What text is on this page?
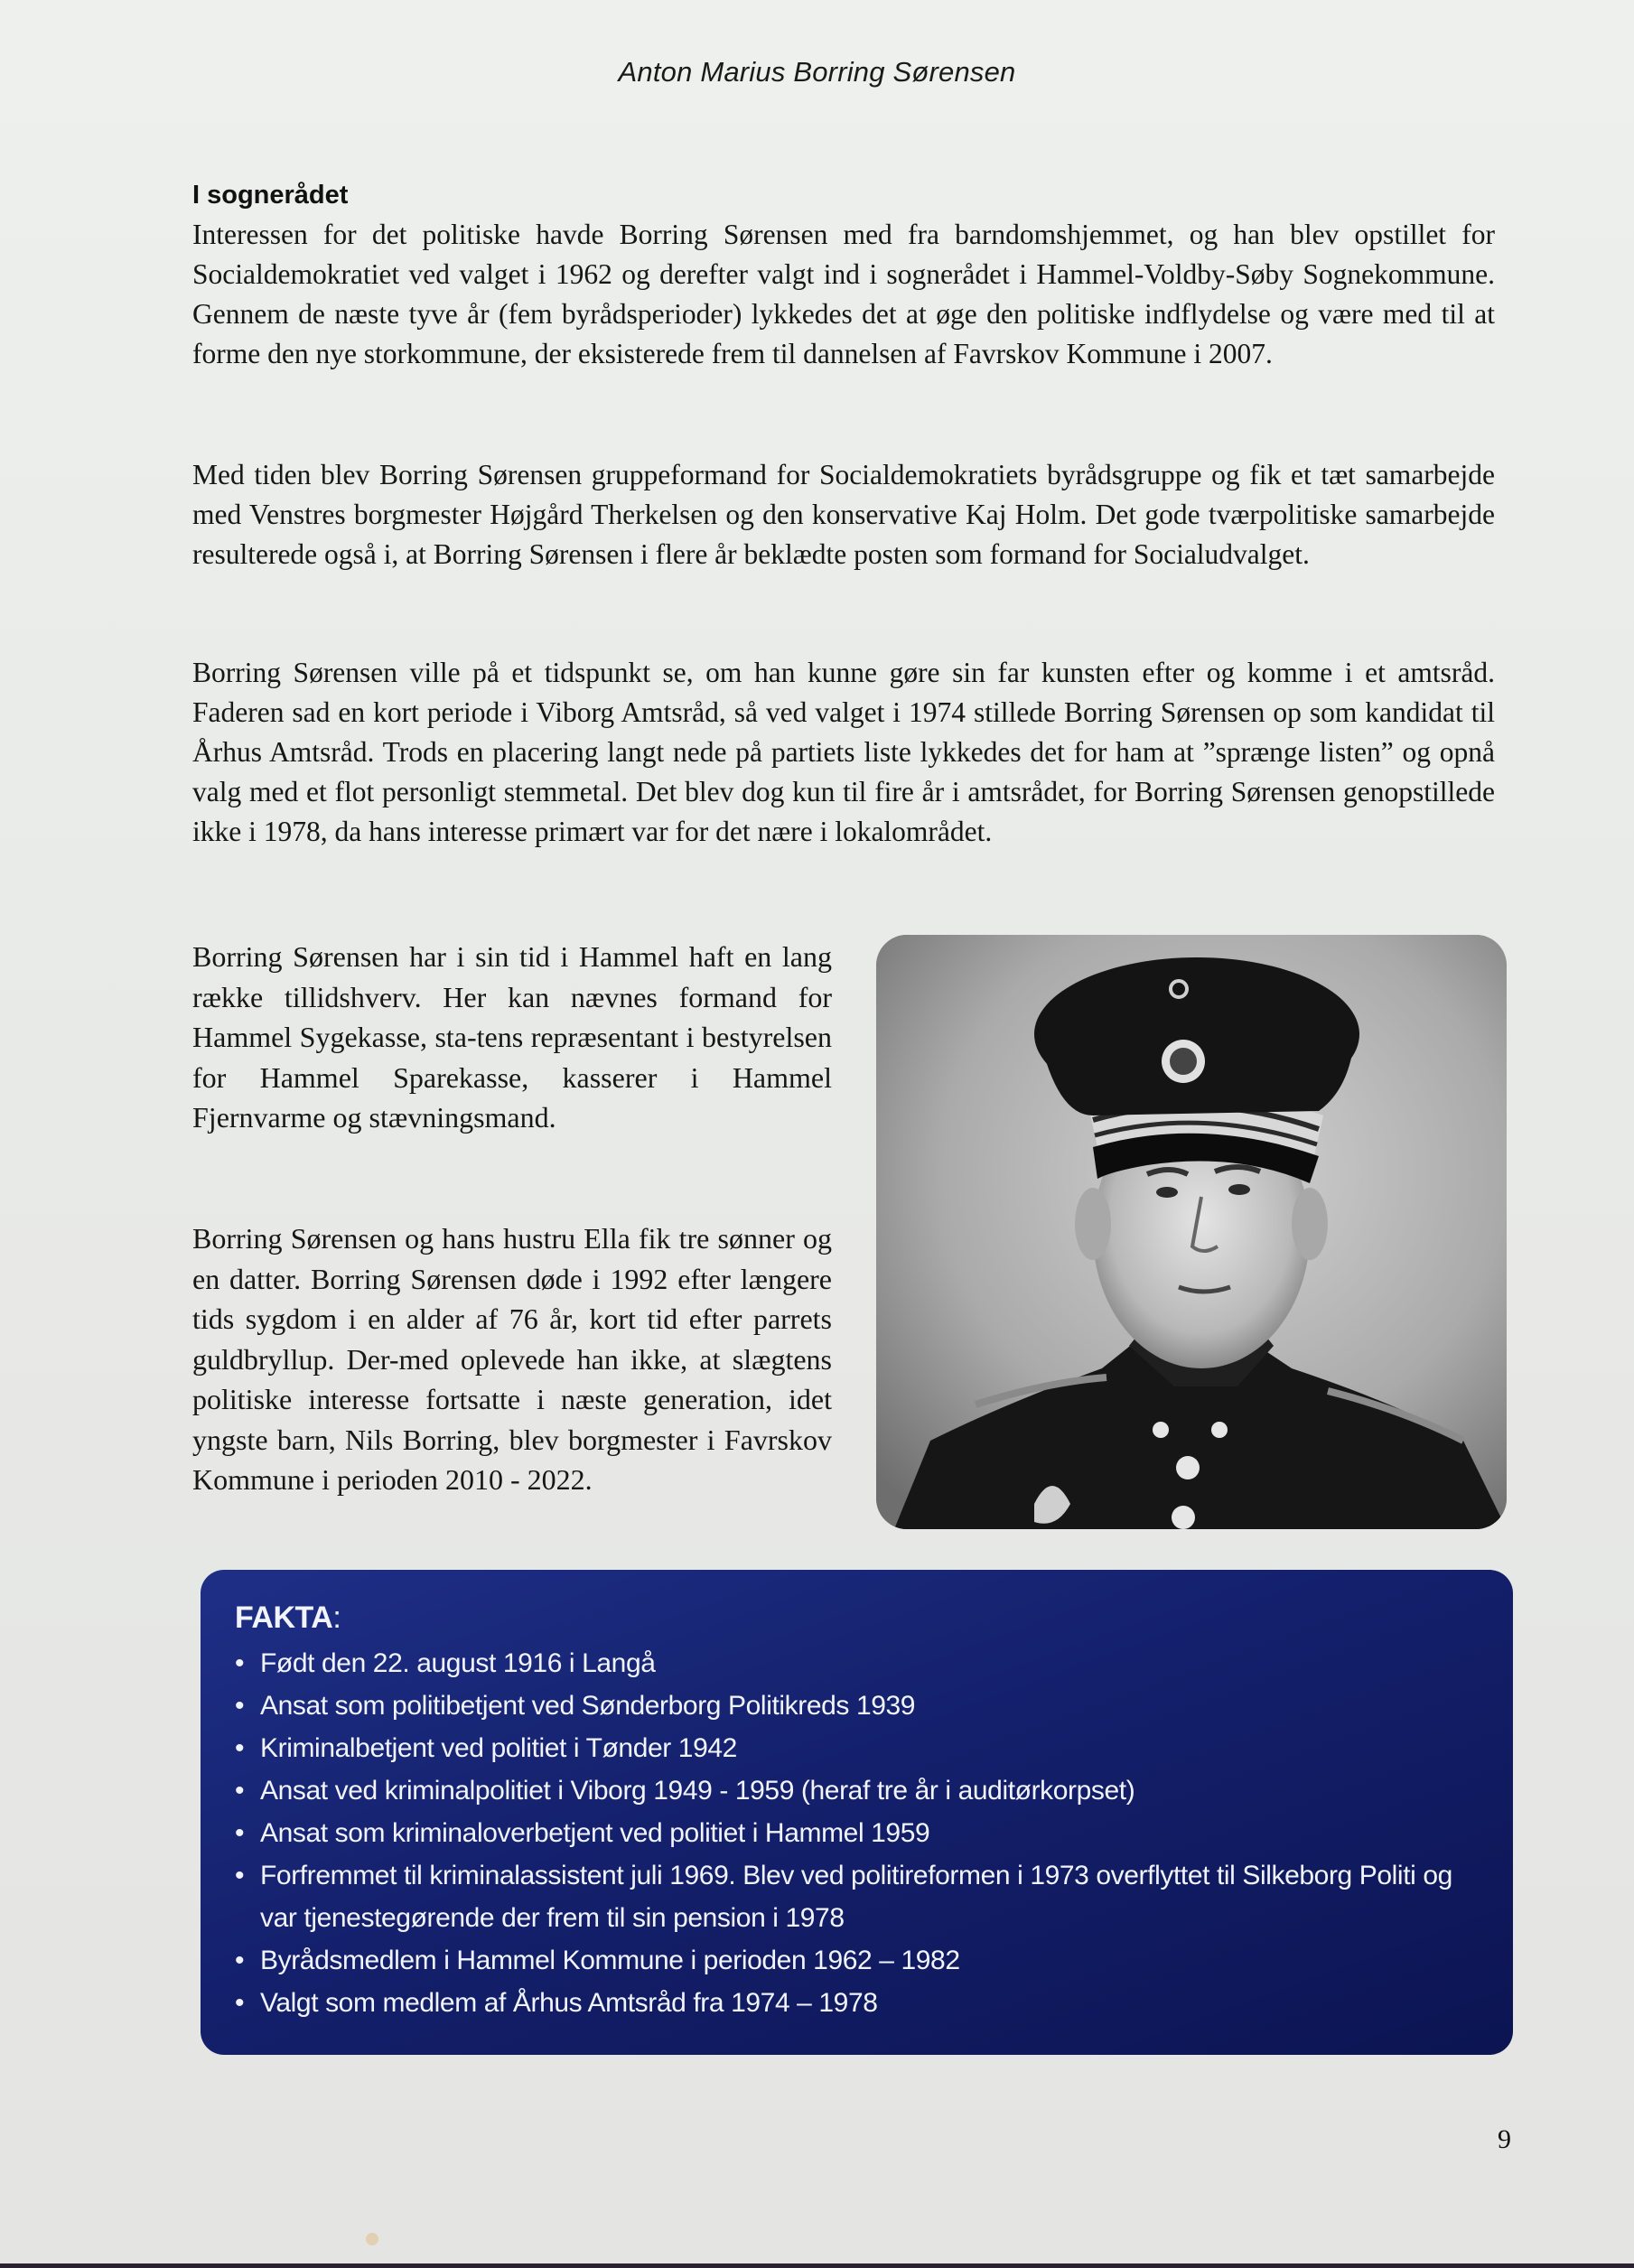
Anton Marius Borring Sørensen
I sognerådet

Interessen for det politiske havde Borring Sørensen med fra barndomshjemmet, og han blev opstillet for Socialdemokratiet ved valget i 1962 og derefter valgt ind i sognerådet i Hammel-Voldby-Søby Sognekommune. Gennem de næste tyve år (fem byrådsperioder) lykkedes det at øge den politiske indflydelse og være med til at forme den nye storkommune, der eksisterede frem til dannelsen af Favrskov Kommune i 2007.

Med tiden blev Borring Sørensen gruppeformand for Socialdemokratiets byrådsgruppe og fik et tæt samarbejde med Venstres borgmester Højgård Therkelsen og den konservative Kaj Holm. Det gode tværpolitiske samarbejde resulterede også i, at Borring Sørensen i flere år beklædte posten som formand for Socialudvalget.

Borring Sørensen ville på et tidspunkt se, om han kunne gøre sin far kunsten efter og komme i et amtsråd. Faderen sad en kort periode i Viborg Amtsråd, så ved valget i 1974 stillede Borring Sørensen op som kandidat til Århus Amtsråd. Trods en placering langt nede på partiets liste lykkedes det for ham at ”sprænge listen” og opnå valg med et flot personligt stemmetal. Det blev dog kun til fire år i amtsrådet, for Borring Sørensen genopstillede ikke i 1978, da hans interesse primært var for det nære i lokalområdet.

Borring Sørensen har i sin tid i Hammel haft en lang række tillidshverv. Her kan nævnes formand for Hammel Sygekasse, sta-tens repræsentant i bestyrelsen for Hammel Sparekasse, kasserer i Hammel Fjernvarme og stævningsmand.

Borring Sørensen og hans hustru Ella fik tre sønner og en datter. Borring Sørensen døde i 1992 efter længere tids sygdom i en alder af 76 år, kort tid efter parrets guldbryllup. Der-med oplevede han ikke, at slægtens politiske interesse fortsatte i næste generation, idet yngste barn, Nils Borring, blev borgmester i Favrskov Kommune i perioden 2010 - 2022.

FAKTA:
• Født den 22. august 1916 i Langå
• Ansat som politibetjent ved Sønderborg Politikreds 1939
• Kriminalbetjent ved politiet i Tønder 1942
• Ansat ved kriminalpolitiet i Viborg 1949 - 1959 (heraf tre år i auditørkorpset)
• Ansat som kriminaloverbetjent ved politiet i Hammel 1959
• Forfremmet til kriminalassistent juli 1969. Blev ved politireformen i 1973 overflyttet til Silkeborg Politi og var tjenestegørende der frem til sin pension i 1978
• Byrådsmedlem i Hammel Kommune i perioden 1962 – 1982
• Valgt som medlem af Århus Amtsråd fra 1974 – 1978
9
